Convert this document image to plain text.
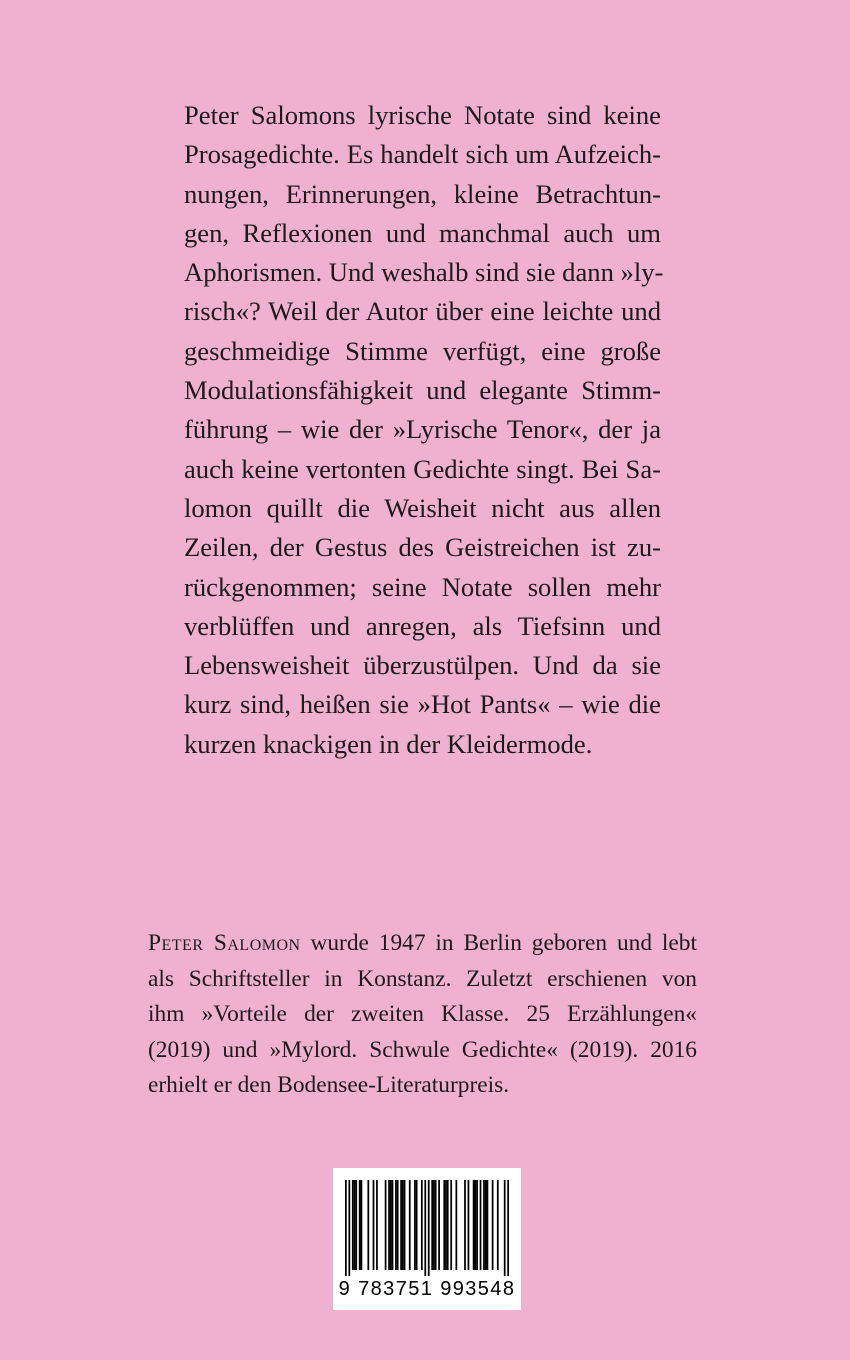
Peter Salomons lyrische Notate sind keine
Prosagedichte. Es handelt sich um Aufzeich-
nungen, Erinnerungen, kleine Betrachtun-
gen, Reflexionen und manchmal auch um
Aphorismen. Und weshalb sind sie dann »ly-
risch«? Weil der Autor über eine leichte und
geschmeidige Stimme verfügt, eine große
Modulationsfähigkeit und elegante Stimm-
führung – wie der »Lyrische Tenor«, der ja
auch keine vertonten Gedichte singt. Bei Sa-
lomon quillt die Weisheit nicht aus allen
Zeilen, der Gestus des Geistreichen ist zu-
rückgenommen; seine Notate sollen mehr
verblüffen und anregen, als Tiefsinn und
Lebensweisheit überzustülpen. Und da sie
kurz sind, heißen sie »Hot Pants« – wie die
kurzen knackigen in der Kleidermode.
Peter Salomon wurde 1947 in Berlin geboren und lebt
als Schriftsteller in Konstanz. Zuletzt erschienen von
ihm »Vorteile der zweiten Klasse. 25 Erzählungen«
(2019) und »Mylord. Schwule Gedichte« (2019). 2016
erhielt er den Bodensee-Literaturpreis.
9 783751 993548
